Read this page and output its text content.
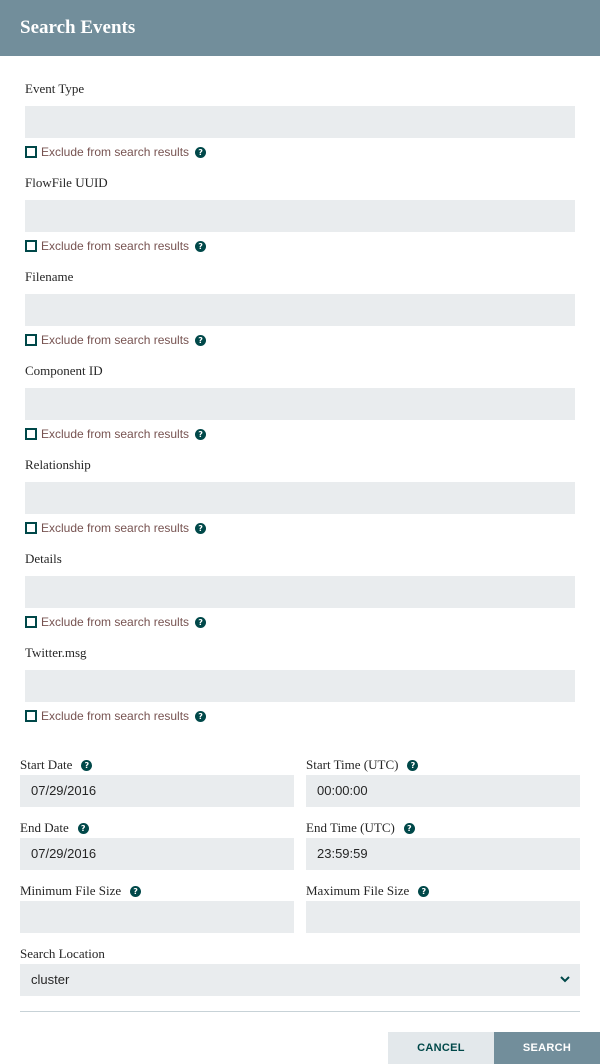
Search Events
Event Type
Exclude from search results	?
FlowFile UUID
Exclude from search results	?
Filename
Exclude from search results	?
Component ID
Exclude from search results	?
Relationship
Exclude from search results	?
Details
Exclude from search results	?
Twitter.msg
Exclude from search results	?
Start Date	?
07/29/2016
Start Time (UTC)	?
00:00:00
End Date	?
07/29/2016
End Time (UTC)	?
23:59:59
Minimum File Size	?	Maximum File Size	?
Search Location
cluster
CANCEL	SEARCH
